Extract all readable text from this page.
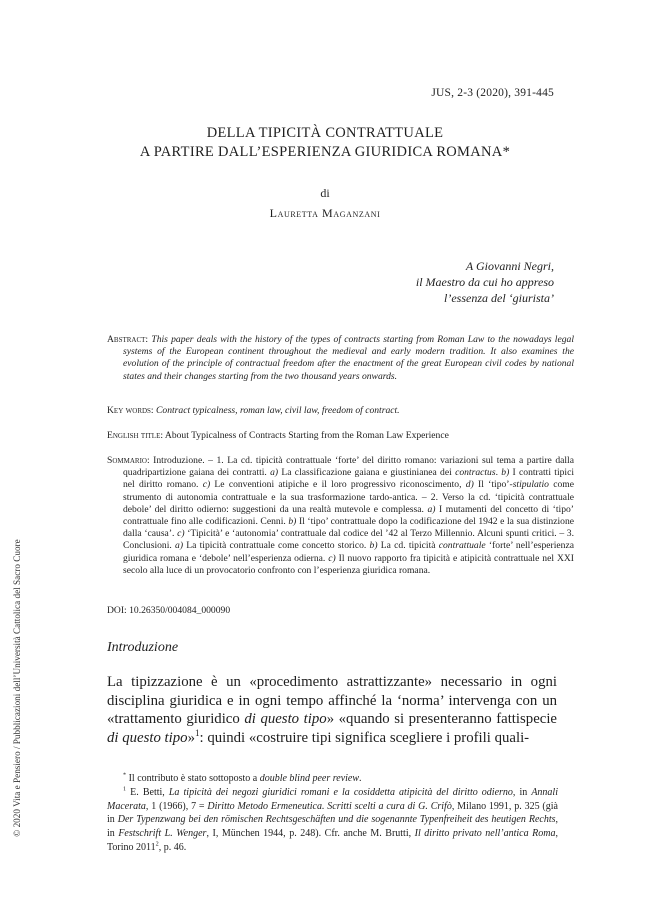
JUS, 2-3 (2020), 391-445
DELLA TIPICITÀ CONTRATTUALE
A PARTIRE DALL’ESPERIENZA GIURIDICA ROMANA*
di
Lauretta Maganzani
A Giovanni Negri,
il Maestro da cui ho appreso
l’essenza del ‘giurista’
Abstract: This paper deals with the history of the types of contracts starting from Roman Law to the nowadays legal systems of the European continent throughout the medieval and early modern tradition. It also examines the evolution of the principle of contractual freedom after the enactment of the great European civil codes by national states and their changes starting from the two thousand years onwards.
Key words: Contract typicalness, roman law, civil law, freedom of contract.
English title: About Typicalness of Contracts Starting from the Roman Law Experience
Sommario: Introduzione. – 1. La cd. tipicità contrattuale ‘forte’ del diritto romano: variazioni sul tema a partire dalla quadripartizione gaiana dei contratti. a) La classificazione gaiana e giustinianea dei contractus. b) I contratti tipici nel diritto romano. c) Le conventioni atipiche e il loro progressivo riconoscimento, d) Il ‘tipo’-stipulatio come strumento di autonomia contrattuale e la sua trasformazione tardo-antica. – 2. Verso la cd. ‘tipicità contrattuale debole’ del diritto odierno: suggestioni da una realtà mutevole e complessa. a) I mutamenti del concetto di ‘tipo’ contrattuale fino alle codificazioni. Cenni. b) Il ‘tipo’ contrattuale dopo la codificazione del 1942 e la sua distinzione dalla ‘causa’. c) ‘Tipicità’ e ‘autonomia’ contrattuale dal codice del ’42 al Terzo Millennio. Alcuni spunti critici. – 3. Conclusioni. a) La tipicità contrattuale come concetto storico. b) La cd. tipicità contrattuale ‘forte’ nell’esperienza giuridica romana e ‘debole’ nell’esperienza odierna. c) Il nuovo rapporto fra tipicità e atipicità contrattuale nel XXI secolo alla luce di un provocatorio confronto con l’esperienza giuridica romana.
DOI: 10.26350/004084_000090
Introduzione
La tipizzazione è un «procedimento astrattizzante» necessario in ogni disciplina giuridica e in ogni tempo affinché la ‘norma’ intervenga con un «trattamento giuridico di questo tipo» «quando si presenteranno fattispecie di questo tipo»$^1$: quindi «costruire tipi significa scegliere i profili quali-

* Il contributo è stato sottoposto a double blind peer review.

$^1$ E. Betti, La tipicità dei negozi giuridici romani e la cosiddetta atipicità del diritto odierno, in Annali Macerata, 1 (1966), 7 = Diritto Metodo Ermeneutica. Scritti scelti a cura di G. Crifò, Milano 1991, p. 325 (già in Der Typenzwang bei den römischen Rechtsgeschäften und die sogenannte Typenfreiheit des heutigen Rechts, in Festschrift L. Wenger, I, München 1944, p. 248). Cfr. anche M. Brutti, Il diritto privato nell’antica Roma, Torino 2011$^2$, p. 46.

© 2020 Vita e Pensiero / Pubblicazioni dell’Università Cattolica del Sacro Cuore
